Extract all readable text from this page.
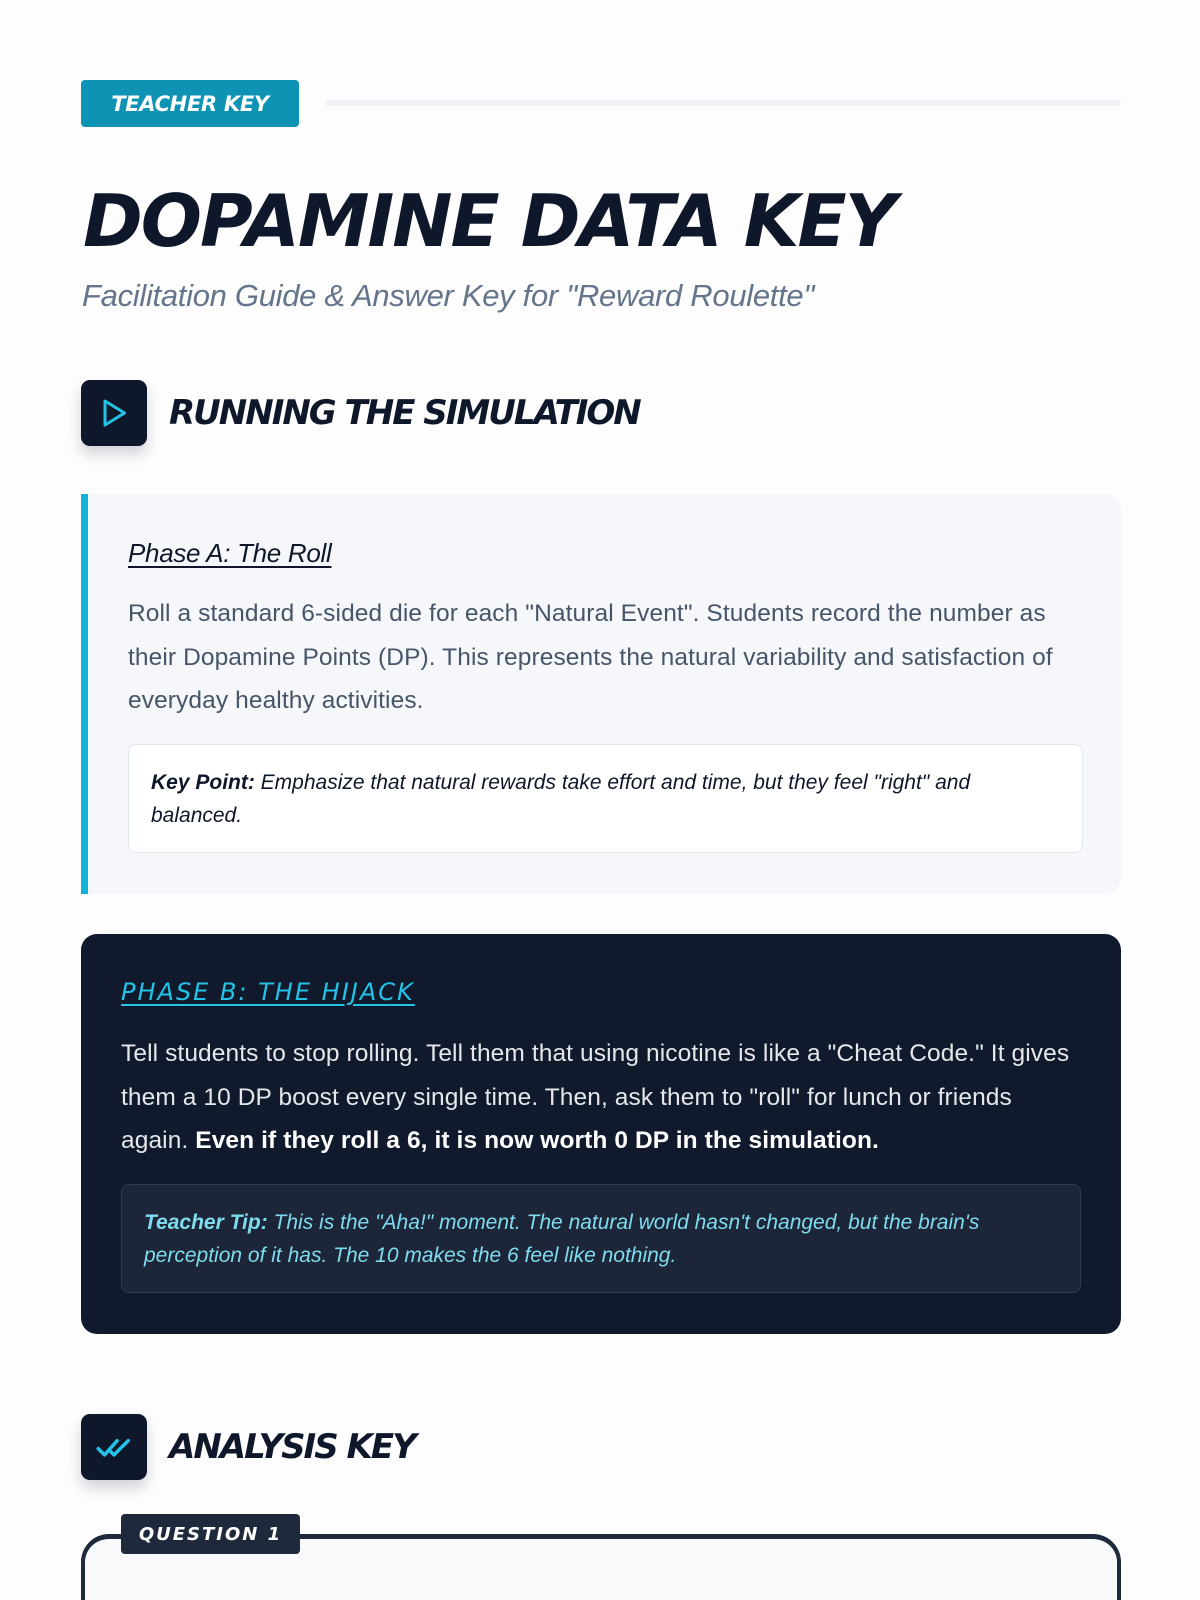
TEACHER KEY
DOPAMINE DATA KEY
Facilitation Guide & Answer Key for "Reward Roulette"
RUNNING THE SIMULATION
Phase A: The Roll

Roll a standard 6-sided die for each "Natural Event". Students record the number as their Dopamine Points (DP). This represents the natural variability and satisfaction of everyday healthy activities.

Key Point: Emphasize that natural rewards take effort and time, but they feel "right" and balanced.
PHASE B: THE HIJACK

Tell students to stop rolling. Tell them that using nicotine is like a "Cheat Code." It gives them a 10 DP boost every single time. Then, ask them to "roll" for lunch or friends again. Even if they roll a 6, it is now worth 0 DP in the simulation.

Teacher Tip: This is the "Aha!" moment. The natural world hasn't changed, but the brain's perception of it has. The 10 makes the 6 feel like nothing.
ANALYSIS KEY
QUESTION 1
